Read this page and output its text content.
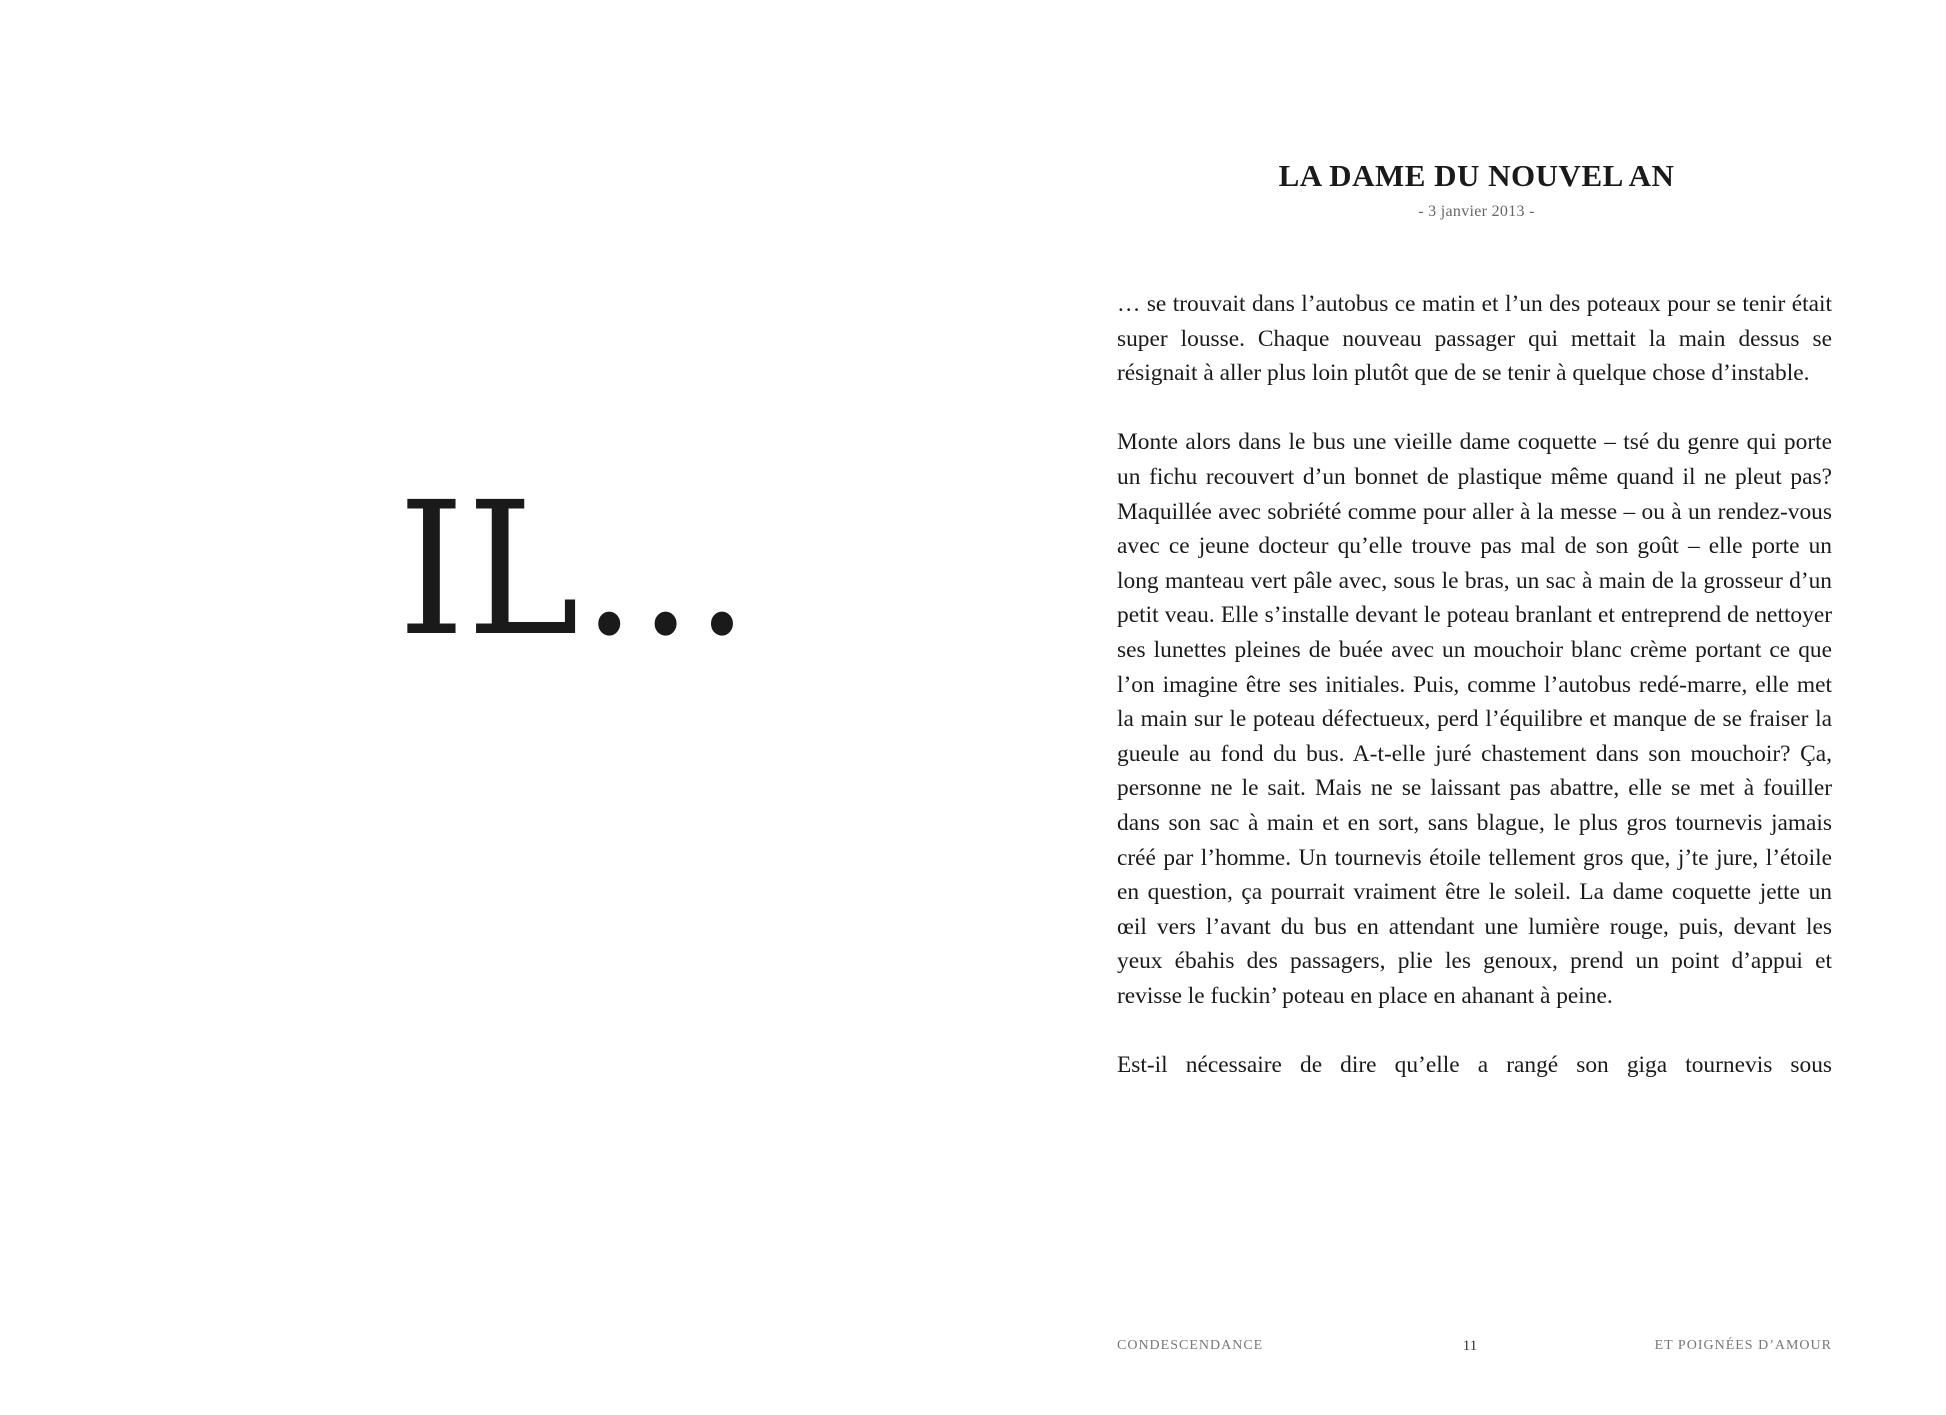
IL…
LA DAME DU NOUVEL AN
- 3 janvier 2013 -

… se trouvait dans l’autobus ce matin et l’un des poteaux pour se tenir était super lousse. Chaque nouveau passager qui mettait la main dessus se résignait à aller plus loin plutôt que de se tenir à quelque chose d’instable.

Monte alors dans le bus une vieille dame coquette – tsé du genre qui porte un fichu recouvert d’un bonnet de plastique même quand il ne pleut pas? Maquillée avec sobriété comme pour aller à la messe – ou à un rendez-vous avec ce jeune docteur qu’elle trouve pas mal de son goût – elle porte un long manteau vert pâle avec, sous le bras, un sac à main de la grosseur d’un petit veau. Elle s’installe devant le poteau branlant et entreprend de nettoyer ses lunettes pleines de buée avec un mouchoir blanc crème portant ce que l’on imagine être ses initiales. Puis, comme l’autobus redé-marre, elle met la main sur le poteau défectueux, perd l’équilibre et manque de se fraiser la gueule au fond du bus. A-t-elle juré chastement dans son mouchoir? Ça, personne ne le sait. Mais ne se laissant pas abattre, elle se met à fouiller dans son sac à main et en sort, sans blague, le plus gros tournevis jamais créé par l’homme. Un tournevis étoile tellement gros que, j’te jure, l’étoile en question, ça pourrait vraiment être le soleil. La dame coquette jette un œil vers l’avant du bus en attendant une lumière rouge, puis, devant les yeux ébahis des passagers, plie les genoux, prend un point d’appui et revisse le fuckin’ poteau en place en ahanant à peine.

Est-il nécessaire de dire qu’elle a rangé son giga tournevis sous

CONDESCENDANCE	11	ET POIGNÉES D’AMOUR
